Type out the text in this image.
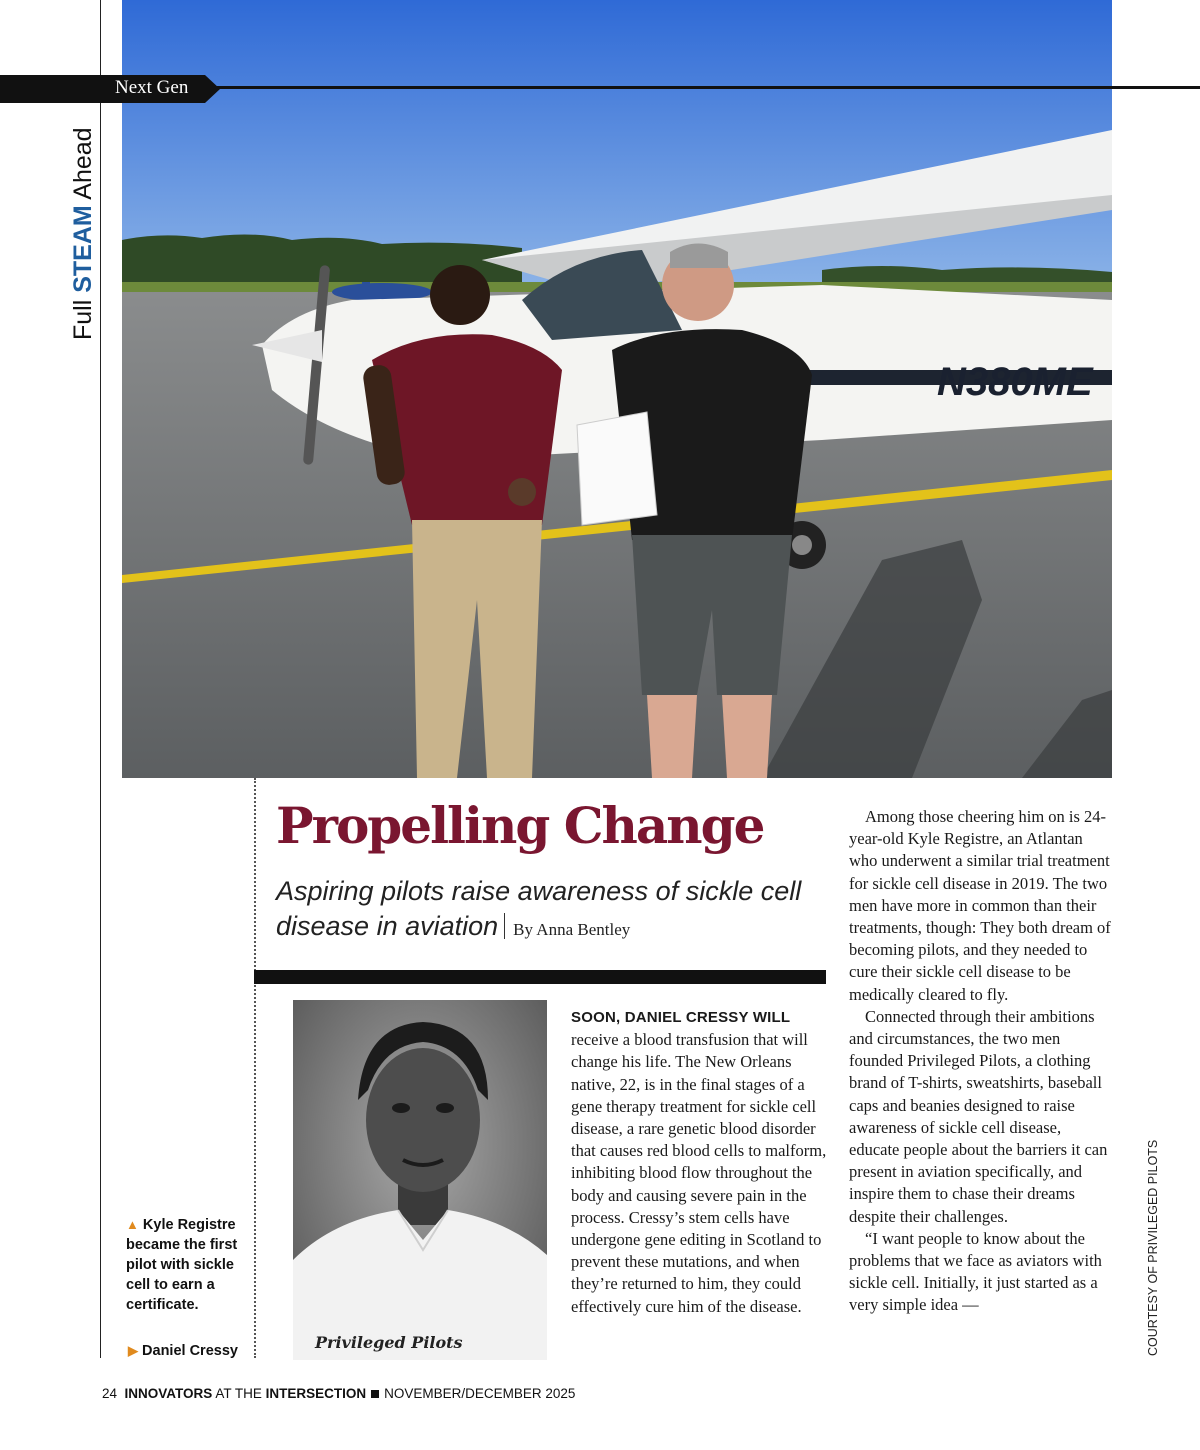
N380ME
Next Gen
Full STEAM Ahead
Propelling Change
Aspiring pilots raise awareness of sickle cell disease in aviation By Anna Bentley
Privileged Pilots
▲ Kyle Registre became the first pilot with sickle cell to earn a certificate.
▶ Daniel Cressy

SOON, DANIEL CRESSY WILL receive a blood transfusion that will change his life. The New Orleans native, 22, is in the final stages of a gene therapy treatment for sickle cell disease, a rare genetic blood disorder that causes red blood cells to malform, inhibiting blood flow throughout the body and causing severe pain in the process. Cressy’s stem cells have undergone gene editing in Scotland to prevent these mutations, and when they’re returned to him, they could effectively cure him of the disease.

Among those cheering him on is 24-year-old Kyle Registre, an Atlantan who underwent a similar trial treatment for sickle cell disease in 2019. The two men have more in common than their treatments, though: They both dream of becoming pilots, and they needed to cure their sickle cell disease to be medically cleared to fly.

Connected through their ambitions and circumstances, the two men founded Privileged Pilots, a clothing brand of T-shirts, sweatshirts, baseball caps and beanies designed to raise awareness of sickle cell disease, educate people about the barriers it can present in aviation specifically, and inspire them to chase their dreams despite their challenges.

“I want people to know about the problems that we face as aviators with sickle cell. Initially, it just started as a very simple idea —	COURTESY OF PRIVILEGED PILOTS
24 INNOVATORS AT THE INTERSECTION NOVEMBER/DECEMBER 2025
